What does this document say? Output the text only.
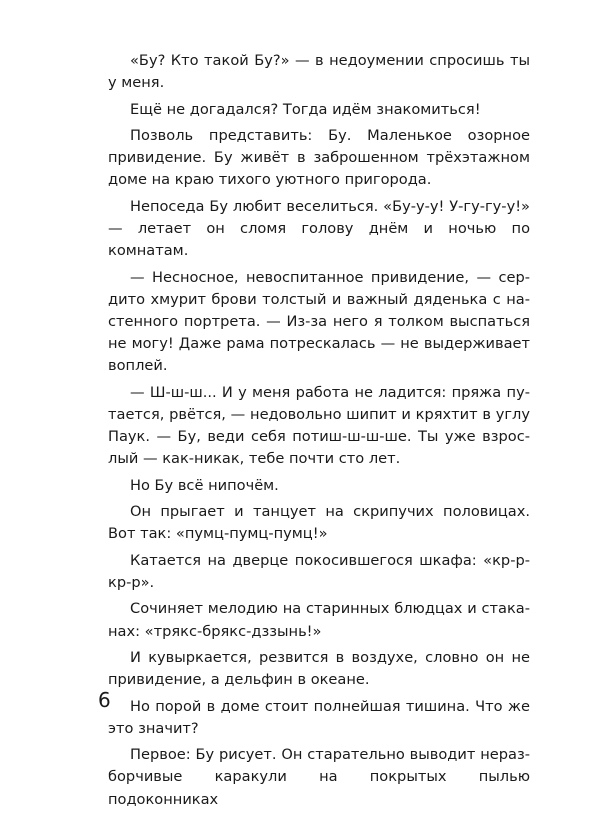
«Бу? Кто такой Бу?» — в недоумении спросишь ты у меня.

Ещё не догадался? Тогда идём знакомиться!

Позволь представить: Бу. Маленькое озорное привидение. Бу живёт в заброшенном трёхэтажном доме на краю тихого уютного пригорода.

Непоседа Бу любит веселиться. «Бу-у-у! У-гу-гу-у!» — летает он сломя голову днём и ночью по комнатам.

— Несносное, невоспитанное привидение, — сердито хмурит брови толстый и важный дяденька с настенного портрета. — Из-за него я толком выспаться не могу! Даже рама потрескалась — не выдерживает воплей.

— Ш-ш-ш... И у меня работа не ладится: пряжа путается, рвётся, — недовольно шипит и кряхтит в углу Паук. — Бу, веди себя потиш-ш-ш-ше. Ты уже взрослый — как-никак, тебе почти сто лет.

Но Бу всё нипочём.

Он прыгает и танцует на скрипучих половицах. Вот так: «пумц-пумц-пумц!»

Катается на дверце покосившегося шкафа: «кр-р-кр-р».

Сочиняет мелодию на старинных блюдцах и стаканах: «трякс-брякс-дззынь!»

И кувыркается, резвится в воздухе, словно он не привидение, а дельфин в океане.

Но порой в доме стоит полнейшая тишина. Что же это значит?

Первое: Бу рисует. Он старательно выводит неразборчивые каракули на покрытых пылью подоконниках

6
